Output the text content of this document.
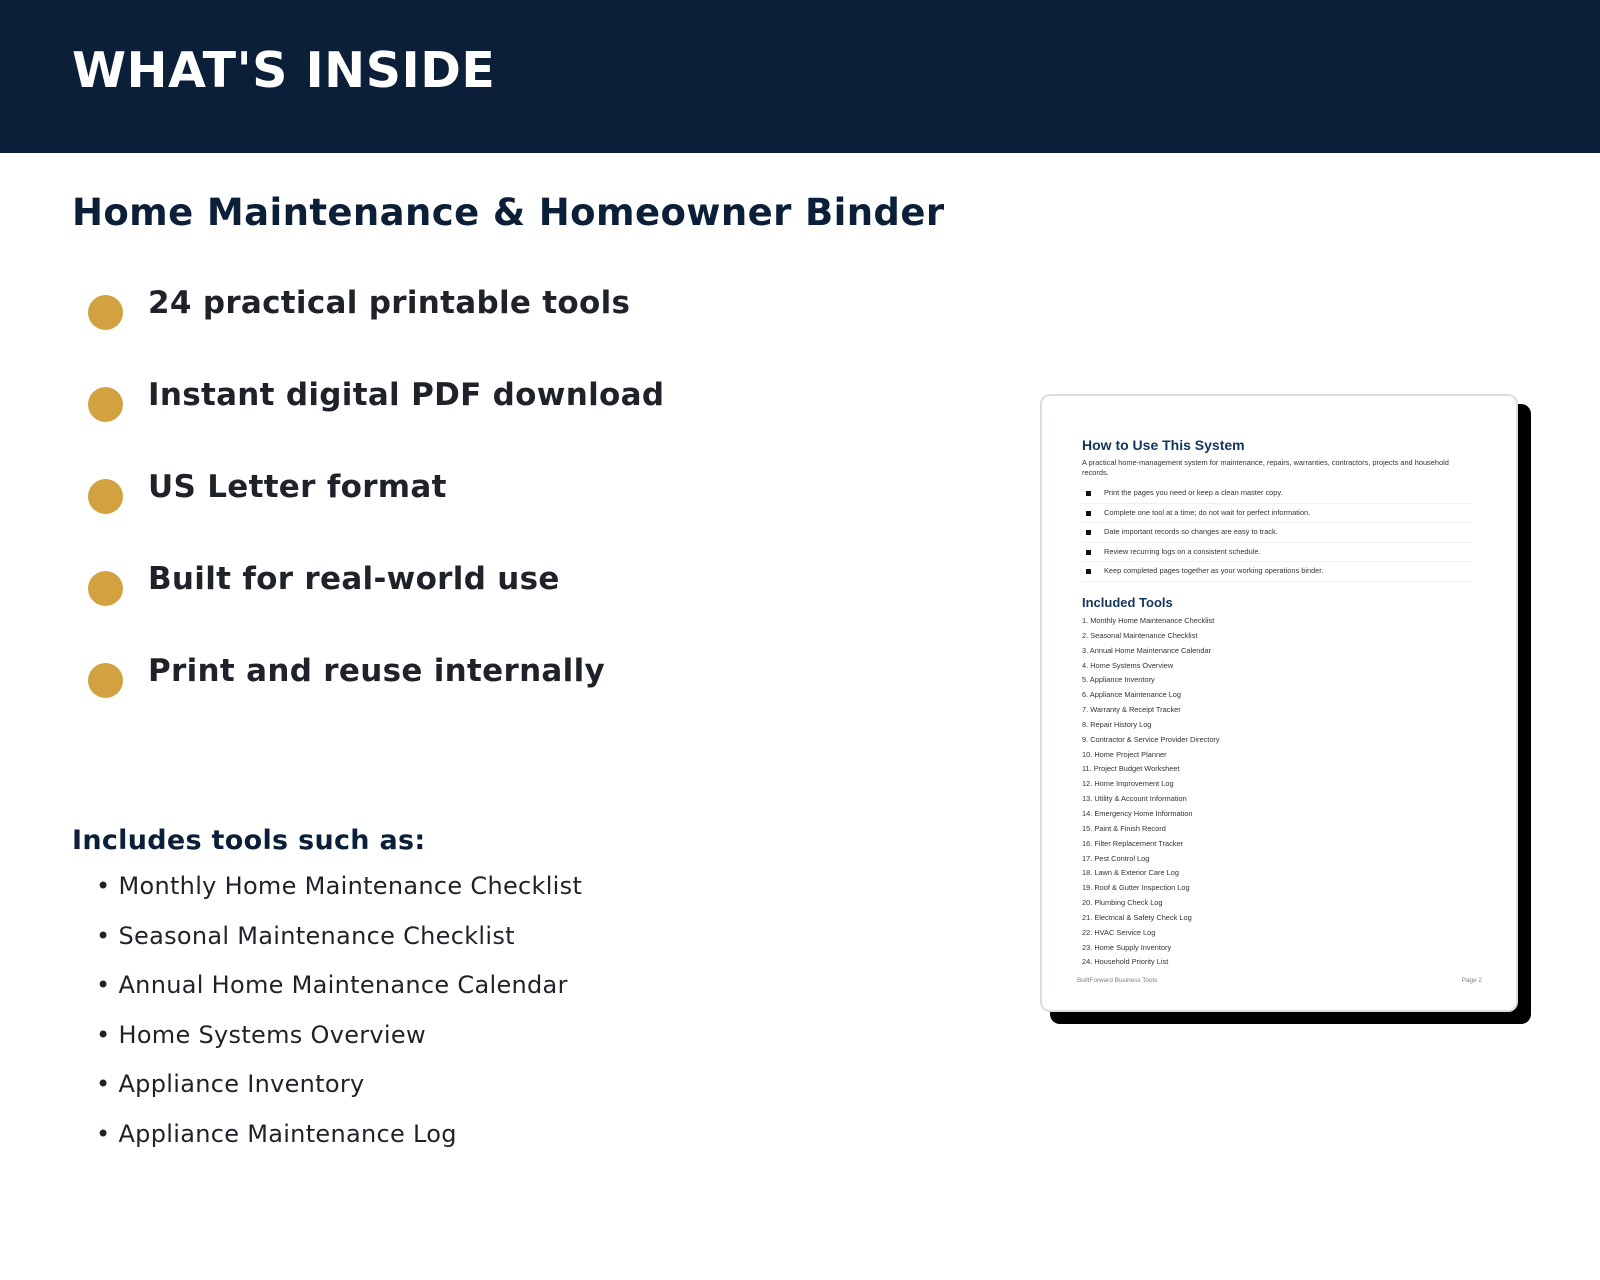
WHAT'S INSIDE
Home Maintenance & Homeowner Binder
24 practical printable tools
Instant digital PDF download
US Letter format
Built for real-world use
Print and reuse internally
Includes tools such as:
• Monthly Home Maintenance Checklist
• Seasonal Maintenance Checklist
• Annual Home Maintenance Calendar
• Home Systems Overview
• Appliance Inventory
• Appliance Maintenance Log
How to Use This System

A practical home-management system for maintenance, repairs, warranties, contractors, projects and household records.

Print the pages you need or keep a clean master copy.
Complete one tool at a time; do not wait for perfect information.
Date important records so changes are easy to track.
Review recurring logs on a consistent schedule.
Keep completed pages together as your working operations binder.
Included Tools
1. Monthly Home Maintenance Checklist
2. Seasonal Maintenance Checklist
3. Annual Home Maintenance Calendar
4. Home Systems Overview
5. Appliance Inventory
6. Appliance Maintenance Log
7. Warranty & Receipt Tracker
8. Repair History Log
9. Contractor & Service Provider Directory
10. Home Project Planner
11. Project Budget Worksheet
12. Home Improvement Log
13. Utility & Account Information
14. Emergency Home Information
15. Paint & Finish Record
16. Filter Replacement Tracker
17. Pest Control Log
18. Lawn & Exterior Care Log
19. Roof & Gutter Inspection Log
20. Plumbing Check Log
21. Electrical & Safety Check Log
22. HVAC Service Log
23. Home Supply Inventory
24. Household Priority List
BuiltForward Business Tools	Page 2
